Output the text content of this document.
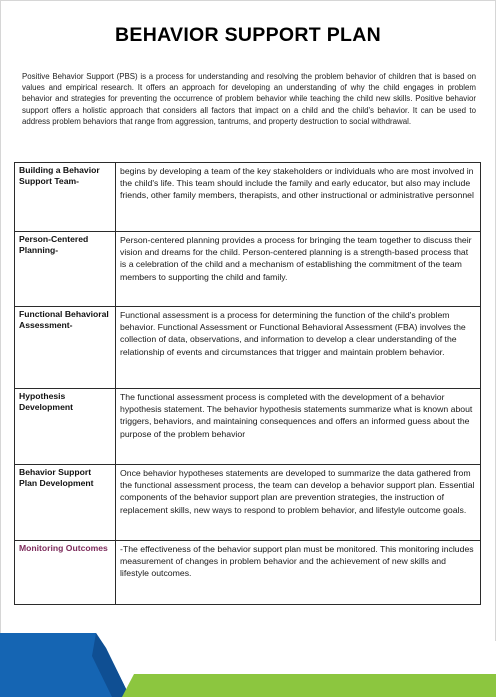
BEHAVIOR SUPPORT PLAN
Positive Behavior Support (PBS) is a process for understanding and resolving the problem behavior of children that is based on values and empirical research. It offers an approach for developing an understanding of why the child engages in problem behavior and strategies for preventing the occurrence of problem behavior while teaching the child new skills. Positive behavior support offers a holistic approach that considers all factors that impact on a child and the child's behavior. It can be used to address problem behaviors that range from aggression, tantrums, and property destruction to social withdrawal.
Building a Behavior Support Team-	begins by developing a team of the key stakeholders or individuals who are most involved in the child's life. This team should include the family and early educator, but also may include friends, other family members, therapists, and other instructional or administrative personnel
Person-Centered Planning-	Person-centered planning provides a process for bringing the team together to discuss their vision and dreams for the child. Person-centered planning is a strength-based process that is a celebration of the child and a mechanism of establishing the commitment of the team members to supporting the child and family.
Functional Behavioral Assessment-	Functional assessment is a process for determining the function of the child's problem behavior. Functional Assessment or Functional Behavioral Assessment (FBA) involves the collection of data, observations, and information to develop a clear understanding of the relationship of events and circumstances that trigger and maintain problem behavior.
Hypothesis Development	The functional assessment process is completed with the development of a behavior hypothesis statement. The behavior hypothesis statements summarize what is known about triggers, behaviors, and maintaining consequences and offers an informed guess about the purpose of the problem behavior
Behavior Support Plan Development	Once behavior hypotheses statements are developed to summarize the data gathered from the functional assessment process, the team can develop a behavior support plan. Essential components of the behavior support plan are prevention strategies, the instruction of replacement skills, new ways to respond to problem behavior, and lifestyle outcome goals.
Monitoring Outcomes	-The effectiveness of the behavior support plan must be monitored. This monitoring includes measurement of changes in problem behavior and the achievement of new skills and lifestyle outcomes.
